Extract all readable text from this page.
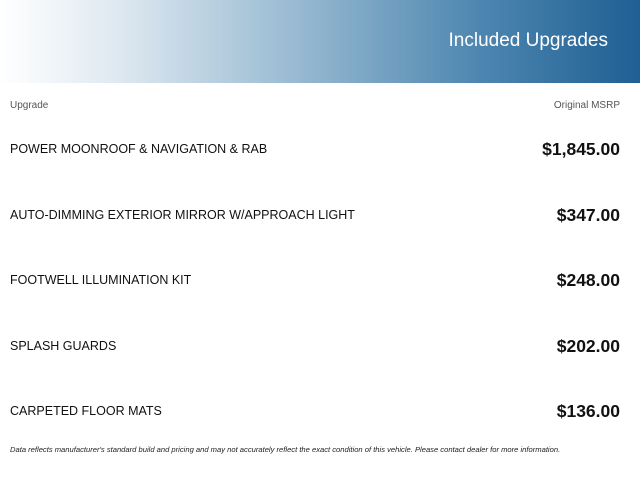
Included Upgrades
Upgrade	Original MSRP
POWER MOONROOF & NAVIGATION & RAB	$1,845.00
AUTO-DIMMING EXTERIOR MIRROR W/APPROACH LIGHT	$347.00
FOOTWELL ILLUMINATION KIT	$248.00
SPLASH GUARDS	$202.00
CARPETED FLOOR MATS	$136.00
Data reflects manufacturer's standard build and pricing and may not accurately reflect the exact condition of this vehicle. Please contact dealer for more information.
